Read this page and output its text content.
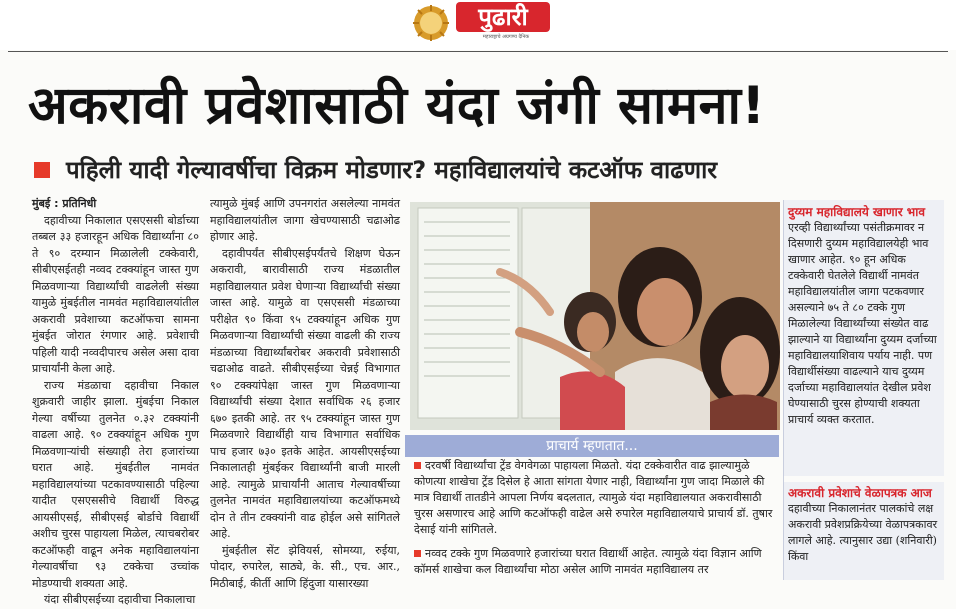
पुढारी
महाराष्ट्राचे अग्रगण्य दैनिक
अकरावी प्रवेशासाठी यंदा जंगी सामना!
पहिली यादी गेल्यावर्षीचा विक्रम मोडणार? महाविद्यालयांचे कटऑफ वाढणार
मुंबई : प्रतिनिधी

दहावीच्या निकालात एसएससी बोर्डाच्या तब्बल ३३ हजारहून अधिक विद्यार्थ्यांना ८० ते ९० दरम्यान मिळालेली टक्केवारी, सीबीएसईतही नव्वद टक्क्यांहून जास्त गुण मिळवणाऱ्या विद्यार्थ्यांची वाढलेली संख्या यामुळे मुंबईतील नामवंत महाविद्यालयांतील अकरावी प्रवेशाच्या कटऑफचा सामना मुंबईत जोरात रंगणार आहे. प्रवेशाची पहिली यादी नव्वदीपारच असेल असा दावा प्राचार्यांनी केला आहे.

राज्य मंडळाचा दहावीचा निकाल शुक्रवारी जाहीर झाला. मुंबईचा निकाल गेल्या वर्षीच्या तुलनेत ०.३२ टक्क्यांनी वाढला आहे. ९० टक्क्यांहून अधिक गुण मिळवणाऱ्यांची संख्याही तेरा हजारांच्या घरात आहे. मुंबईतील नामवंत महाविद्यालयांच्या पटकावण्यासाठी पहिल्या यादीत एसएससीचे विद्यार्थी विरुद्ध आयसीएसई, सीबीएसई बोर्डाचे विद्यार्थी अशीच चुरस पाहायला मिळेल, त्याचबरोबर कटऑफही वाढून अनेक महाविद्यालयांना गेल्यावर्षीचा ९३ टक्केचा उच्चांक मोडण्याची शक्यता आहे.

यंदा सीबीएसईच्या दहावीचा निकालाचा

त्यामुळे मुंबई आणि उपनगरांत असलेल्या नामवंत महाविद्यालयांतील जागा खेचण्यासाठी चढाओढ होणार आहे.

दहावीपर्यंत सीबीएसईपर्यंतचे शिक्षण घेऊन अकरावी, बारावीसाठी राज्य मंडळातील महाविद्यालयात प्रवेश घेणाऱ्या विद्यार्थ्यांची संख्या जास्त आहे. यामुळे वा एसएससी मंडळाच्या परीक्षेत ९० किंवा ९५ टक्क्यांहून अधिक गुण मिळवणाऱ्या विद्यार्थ्यांची संख्या वाढली की राज्य मंडळाच्या विद्यार्थ्यांबरोबर अकरावी प्रवेशासाठी चढाओढ वाढते. सीबीएसईच्या चेन्नई विभागात ९० टक्क्यांपेक्षा जास्त गुण मिळवणाऱ्या विद्यार्थ्यांची संख्या देशात सर्वाधिक २६ हजार ६७० इतकी आहे. तर ९५ टक्क्यांहून जास्त गुण मिळवणारे विद्यार्थीही याच विभागात सर्वाधिक पाच हजार ७३० इतके आहेत. आयसीएसईच्या निकालातही मुंबईकर विद्यार्थ्यांनी बाजी मारली आहे. त्यामुळे प्राचार्यांनी आताच गेल्यावर्षीच्या तुलनेत नामवंत महाविद्यालयांच्या कटऑफमध्ये दोन ते तीन टक्क्यांनी वाढ होईल असे सांगितले आहे.

मुंबईतील सेंट झेवियर्स, सोमय्या, रुईया, पोदार, रुपारेल, साठ्ये, के. सी., एच. आर., मिठीबाई, कीर्ती आणि हिंदुजा यासारख्या

प्राचार्य म्हणतात...
दरवर्षी विद्यार्थ्यांचा ट्रेंड वेगवेगळा पाहायला मिळतो. यंदा टक्केवारीत वाढ झाल्यामुळे कोणत्या शाखेचा ट्रेंड दिसेल हे आता सांगता येणार नाही, विद्यार्थ्यांना गुण जादा मिळाले की मात्र विद्यार्थी तातडीने आपला निर्णय बदलतात, त्यामुळे यंदा महाविद्यालयात अकरावीसाठी चुरस असणारच आहे आणि कटऑफही वाढेल असे रुपारेल महाविद्यालयाचे प्राचार्य डॉ. तुषार देसाई यांनी सांगितले.
नव्वद टक्के गुण मिळवणारे हजारांच्या घरात विद्यार्थी आहेत. त्यामुळे यंदा विज्ञान आणि कॉमर्स शाखेचा कल विद्यार्थ्यांचा मोठा असेल आणि नामवंत महाविद्यालय तर
दुय्यम महाविद्यालये खाणार भाव
एरव्ही विद्यार्थ्यांच्या पसंतीक्रमावर न दिसणारी दुय्यम महाविद्यालयेही भाव खाणार आहेत. ९० हून अधिक टक्केवारी घेतलेले विद्यार्थी नामवंत महाविद्यालयांतील जागा पटकवणार असल्याने ७५ ते ८० टक्के गुण मिळालेल्या विद्यार्थ्यांच्या संख्येत वाढ झाल्याने या विद्यार्थ्यांना दुय्यम दर्जाच्या महाविद्यालयाशिवाय पर्याय नाही. पण विद्यार्थीसंख्या वाढल्याने याच दुय्यम दर्जाच्या महाविद्यालयांत देखील प्रवेश घेण्यासाठी चुरस होण्याची शक्यता प्राचार्य व्यक्त करतात.
अकरावी प्रवेशाचे वेळापत्रक आज
दहावीच्या निकालानंतर पालकांचे लक्ष अकरावी प्रवेशप्रक्रियेच्या वेळापत्रकावर लागले आहे. त्यानुसार उद्या (शनिवारी) किंवा
